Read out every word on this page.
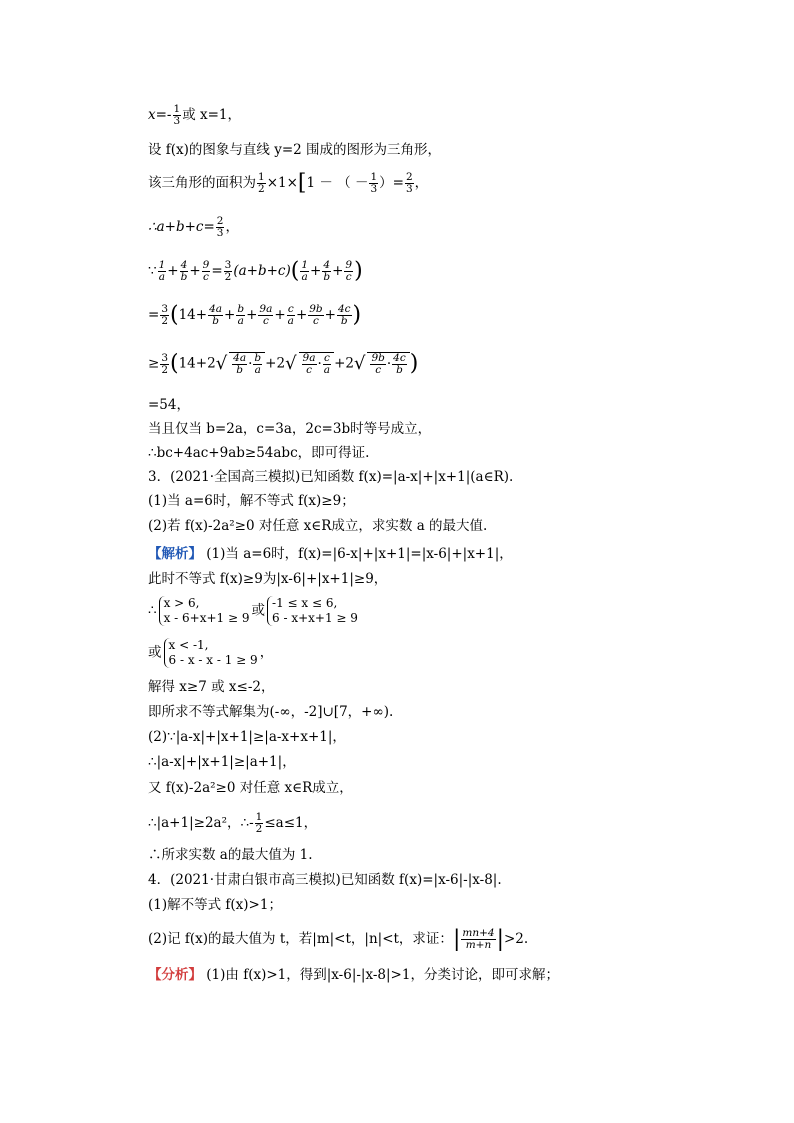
$x=- \frac{1}{3}$ 或 x=1，
设 f(x)的图象与直线 y=2 围成的图形为三角形，
该三角形的面积为 $\frac{1}{2} \times 1\times[1$ － （ － $\frac{1}{3}$ ）= $\frac{2}{3}$ ，
∴a+b+c= $\frac{2}{3}$ ，
∵ $\frac{1}{a} + \frac{4}{b} + \frac{9}{c} = \frac{3}{2} (a+b+c)( \frac{1}{a} + \frac{4}{b} + \frac{9}{c}$ )
= $\frac{3}{2} (14+ \frac{4a}{b} + \frac{b}{a} + \frac{9a}{c} + \frac{c}{a} + \frac{9b}{c} + \frac{4c}{b}$ )
≥ $\frac{3}{2} (14+2√ \frac{4a}{b} \cdot \frac{b}{a} +2√ \frac{9a}{c} \cdot \frac{c}{a} +2√ \frac{9b}{c} \cdot \frac{4c}{b}$ )
=54，
当且仅当 b=2a，c=3a，2c=3b时等号成立，
∴bc+4ac+9ab≥54abc，即可得证.
3．(2021·全国高三模拟)已知函数 f(x)=|a-x|+|x+1|(a∈R).
(1)当 a=6时，解不等式 f(x)≥9；
(2)若 f(x)-2a²≥0 对任意 x∈R成立，求实数 a 的最大值.
【解析】 (1)当 a=6时，f(x)=|6-x|+|x+1|=|x-6|+|x+1|，
此时不等式 f(x)≥9为|x-6|+|x+1|≥9，
∴ x > 6,
x - 6+x+1 ≥ 9 或 -1 ≤ x ≤ 6,
6 - x+x+1 ≥ 9
或 x < -1,
6 - x - x - 1 ≥ 9 ，
解得 x≥7 或 x≤-2，
即所求不等式解集为(-∞，-2]∪[7，+∞).
(2)∵|a-x|+|x+1|≥|a-x+x+1|，
∴|a-x|+|x+1|≥|a+1|，
又 f(x)-2a²≥0 对任意 x∈R成立，
∴|a+1|≥2a²，∴- $\frac{1}{2} \le a\le 1$，
∴所求实数 a的最大值为 1.
4．(2021·甘肃白银市高三模拟)已知函数 f(x)=|x-6|-|x-8|.
(1)解不等式 f(x)>1；
(2)记 f(x)的最大值为 t，若|m|<t，|n|<t，求证：| $\frac{mn+4}{m+n} |>2$.
【分析】 (1)由 f(x)>1，得到|x-6|-|x-8|>1，分类讨论，即可求解；
